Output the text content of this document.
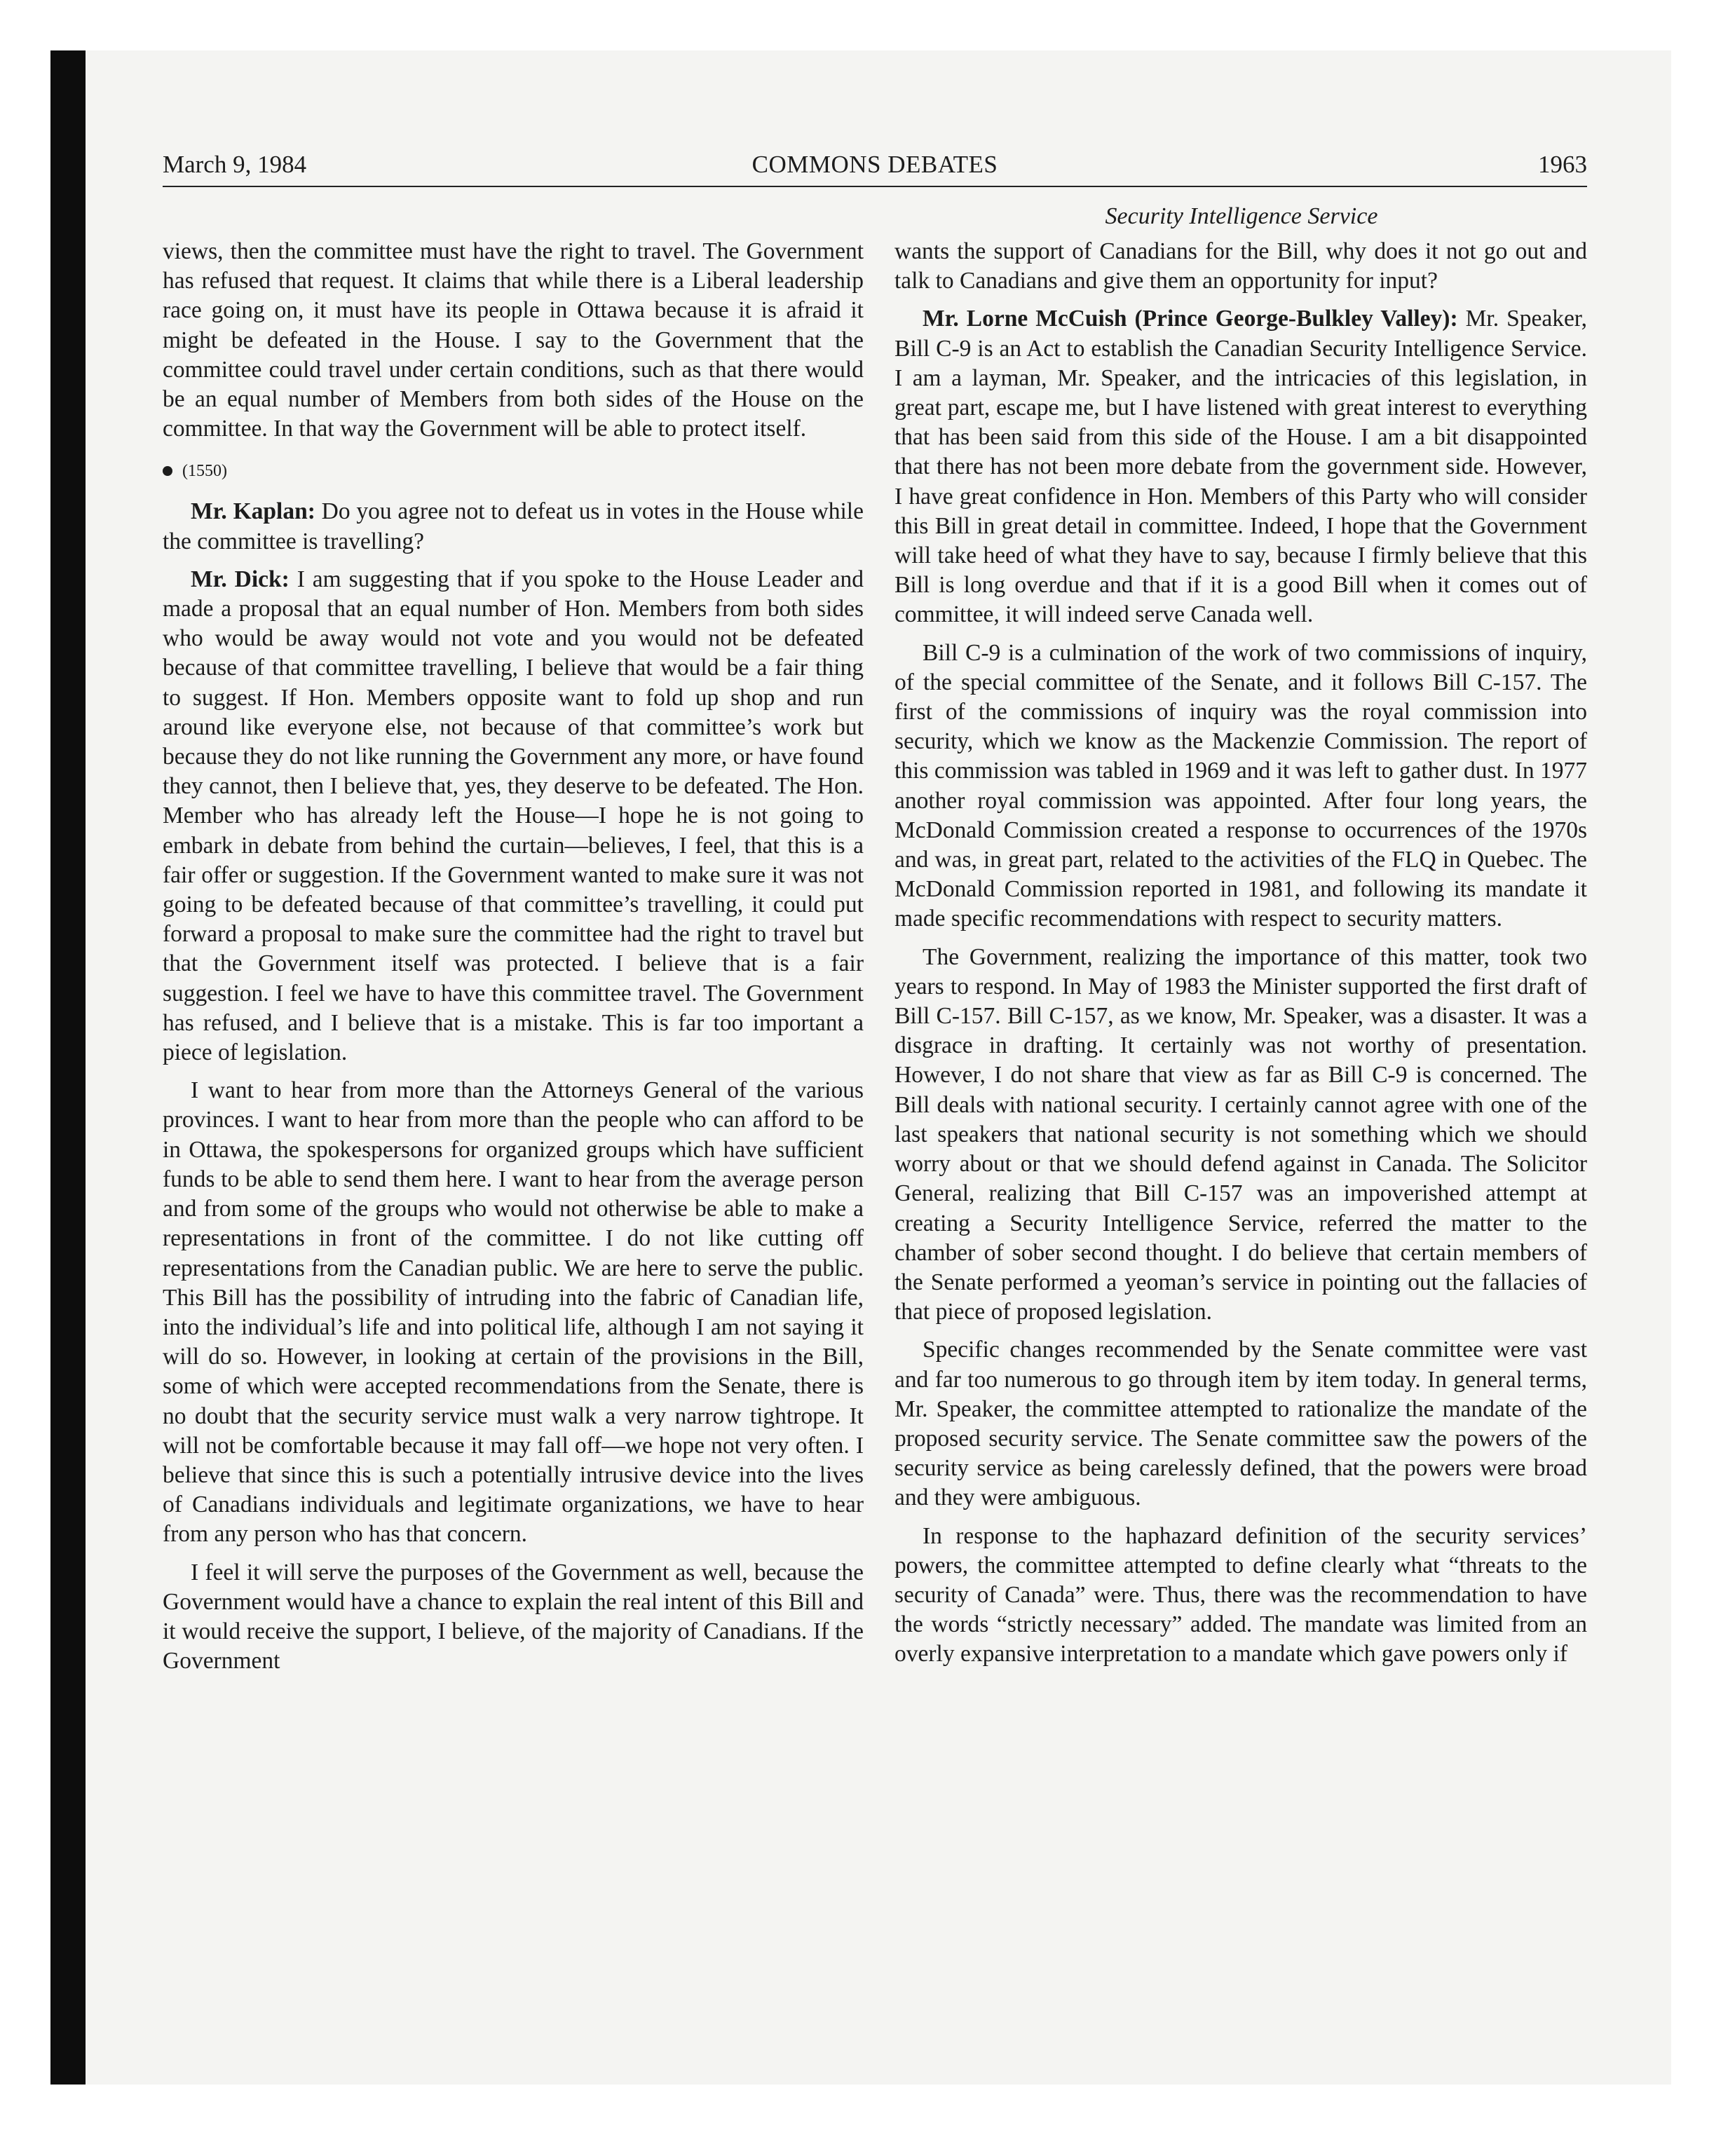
March 9, 1984	COMMONS DEBATES	1963
Security Intelligence Service

views, then the committee must have the right to travel. The Government has refused that request. It claims that while there is a Liberal leadership race going on, it must have its people in Ottawa because it is afraid it might be defeated in the House. I say to the Government that the committee could travel under certain conditions, such as that there would be an equal number of Members from both sides of the House on the committee. In that way the Government will be able to protect itself.

(1550)

Mr. Kaplan: Do you agree not to defeat us in votes in the House while the committee is travelling?

Mr. Dick: I am suggesting that if you spoke to the House Leader and made a proposal that an equal number of Hon. Members from both sides who would be away would not vote and you would not be defeated because of that committee travelling, I believe that would be a fair thing to suggest. If Hon. Members opposite want to fold up shop and run around like everyone else, not because of that committee’s work but because they do not like running the Government any more, or have found they cannot, then I believe that, yes, they deserve to be defeated. The Hon. Member who has already left the House—I hope he is not going to embark in debate from behind the curtain—believes, I feel, that this is a fair offer or suggestion. If the Government wanted to make sure it was not going to be defeated because of that committee’s travelling, it could put forward a proposal to make sure the committee had the right to travel but that the Government itself was protected. I believe that is a fair suggestion. I feel we have to have this committee travel. The Government has refused, and I believe that is a mistake. This is far too important a piece of legislation.

I want to hear from more than the Attorneys General of the various provinces. I want to hear from more than the people who can afford to be in Ottawa, the spokespersons for organized groups which have sufficient funds to be able to send them here. I want to hear from the average person and from some of the groups who would not otherwise be able to make a representations in front of the committee. I do not like cutting off representations from the Canadian public. We are here to serve the public. This Bill has the possibility of intruding into the fabric of Canadian life, into the individual’s life and into political life, although I am not saying it will do so. However, in looking at certain of the provisions in the Bill, some of which were accepted recommendations from the Senate, there is no doubt that the security service must walk a very narrow tightrope. It will not be comfortable because it may fall off—we hope not very often. I believe that since this is such a potentially intrusive device into the lives of Canadians individuals and legitimate organizations, we have to hear from any person who has that concern.

I feel it will serve the purposes of the Government as well, because the Government would have a chance to explain the real intent of this Bill and it would receive the support, I believe, of the majority of Canadians. If the Government

wants the support of Canadians for the Bill, why does it not go out and talk to Canadians and give them an opportunity for input?

Mr. Lorne McCuish (Prince George-Bulkley Valley): Mr. Speaker, Bill C-9 is an Act to establish the Canadian Security Intelligence Service. I am a layman, Mr. Speaker, and the intricacies of this legislation, in great part, escape me, but I have listened with great interest to everything that has been said from this side of the House. I am a bit disappointed that there has not been more debate from the government side. However, I have great confidence in Hon. Members of this Party who will consider this Bill in great detail in committee. Indeed, I hope that the Government will take heed of what they have to say, because I firmly believe that this Bill is long overdue and that if it is a good Bill when it comes out of committee, it will indeed serve Canada well.

Bill C-9 is a culmination of the work of two commissions of inquiry, of the special committee of the Senate, and it follows Bill C-157. The first of the commissions of inquiry was the royal commission into security, which we know as the Mackenzie Commission. The report of this commission was tabled in 1969 and it was left to gather dust. In 1977 another royal commission was appointed. After four long years, the McDonald Commission created a response to occurrences of the 1970s and was, in great part, related to the activities of the FLQ in Quebec. The McDonald Commission reported in 1981, and following its mandate it made specific recommendations with respect to security matters.

The Government, realizing the importance of this matter, took two years to respond. In May of 1983 the Minister supported the first draft of Bill C-157. Bill C-157, as we know, Mr. Speaker, was a disaster. It was a disgrace in drafting. It certainly was not worthy of presentation. However, I do not share that view as far as Bill C-9 is concerned. The Bill deals with national security. I certainly cannot agree with one of the last speakers that national security is not something which we should worry about or that we should defend against in Canada. The Solicitor General, realizing that Bill C-157 was an impoverished attempt at creating a Security Intelligence Service, referred the matter to the chamber of sober second thought. I do believe that certain members of the Senate performed a yeoman’s service in pointing out the fallacies of that piece of proposed legislation.

Specific changes recommended by the Senate committee were vast and far too numerous to go through item by item today. In general terms, Mr. Speaker, the committee attempted to rationalize the mandate of the proposed security service. The Senate committee saw the powers of the security service as being carelessly defined, that the powers were broad and they were ambiguous.

In response to the haphazard definition of the security services’ powers, the committee attempted to define clearly what “threats to the security of Canada” were. Thus, there was the recommendation to have the words “strictly necessary” added. The mandate was limited from an overly expansive interpretation to a mandate which gave powers only if
